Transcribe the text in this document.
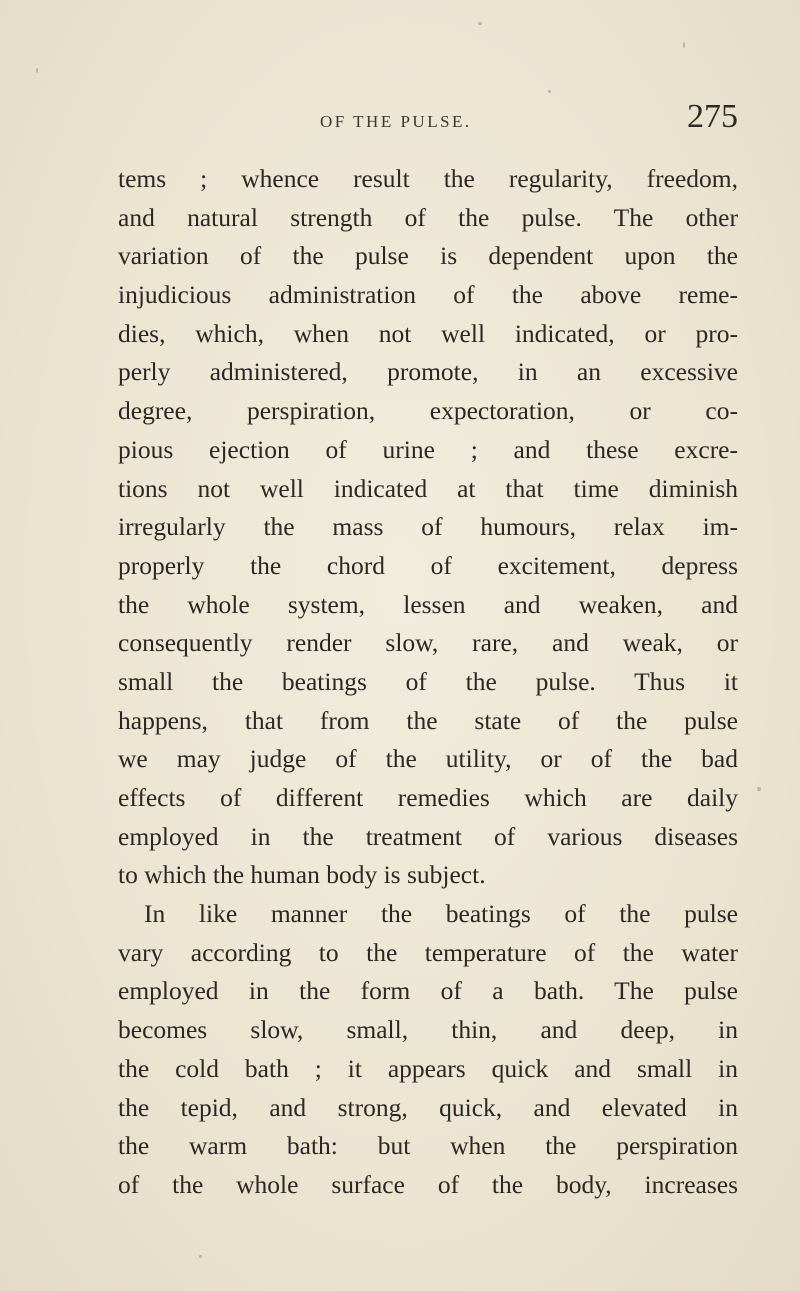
OF THE PULSE.	275
tems ; whence result the regularity, freedom,
and natural strength of the pulse. The other
variation of the pulse is dependent upon the
injudicious administration of the above reme-
dies, which, when not well indicated, or pro-
perly administered, promote, in an excessive
degree, perspiration, expectoration, or co-
pious ejection of urine ; and these excre-
tions not well indicated at that time diminish
irregularly the mass of humours, relax im-
properly the chord of excitement, depress
the whole system, lessen and weaken, and
consequently render slow, rare, and weak, or
small the beatings of the pulse. Thus it
happens, that from the state of the pulse
we may judge of the utility, or of the bad
effects of different remedies which are daily
employed in the treatment of various diseases
to which the human body is subject.
In like manner the beatings of the pulse
vary according to the temperature of the water
employed in the form of a bath. The pulse
becomes slow, small, thin, and deep, in
the cold bath ; it appears quick and small in
the tepid, and strong, quick, and elevated in
the warm bath: but when the perspiration
of the whole surface of the body, increases
